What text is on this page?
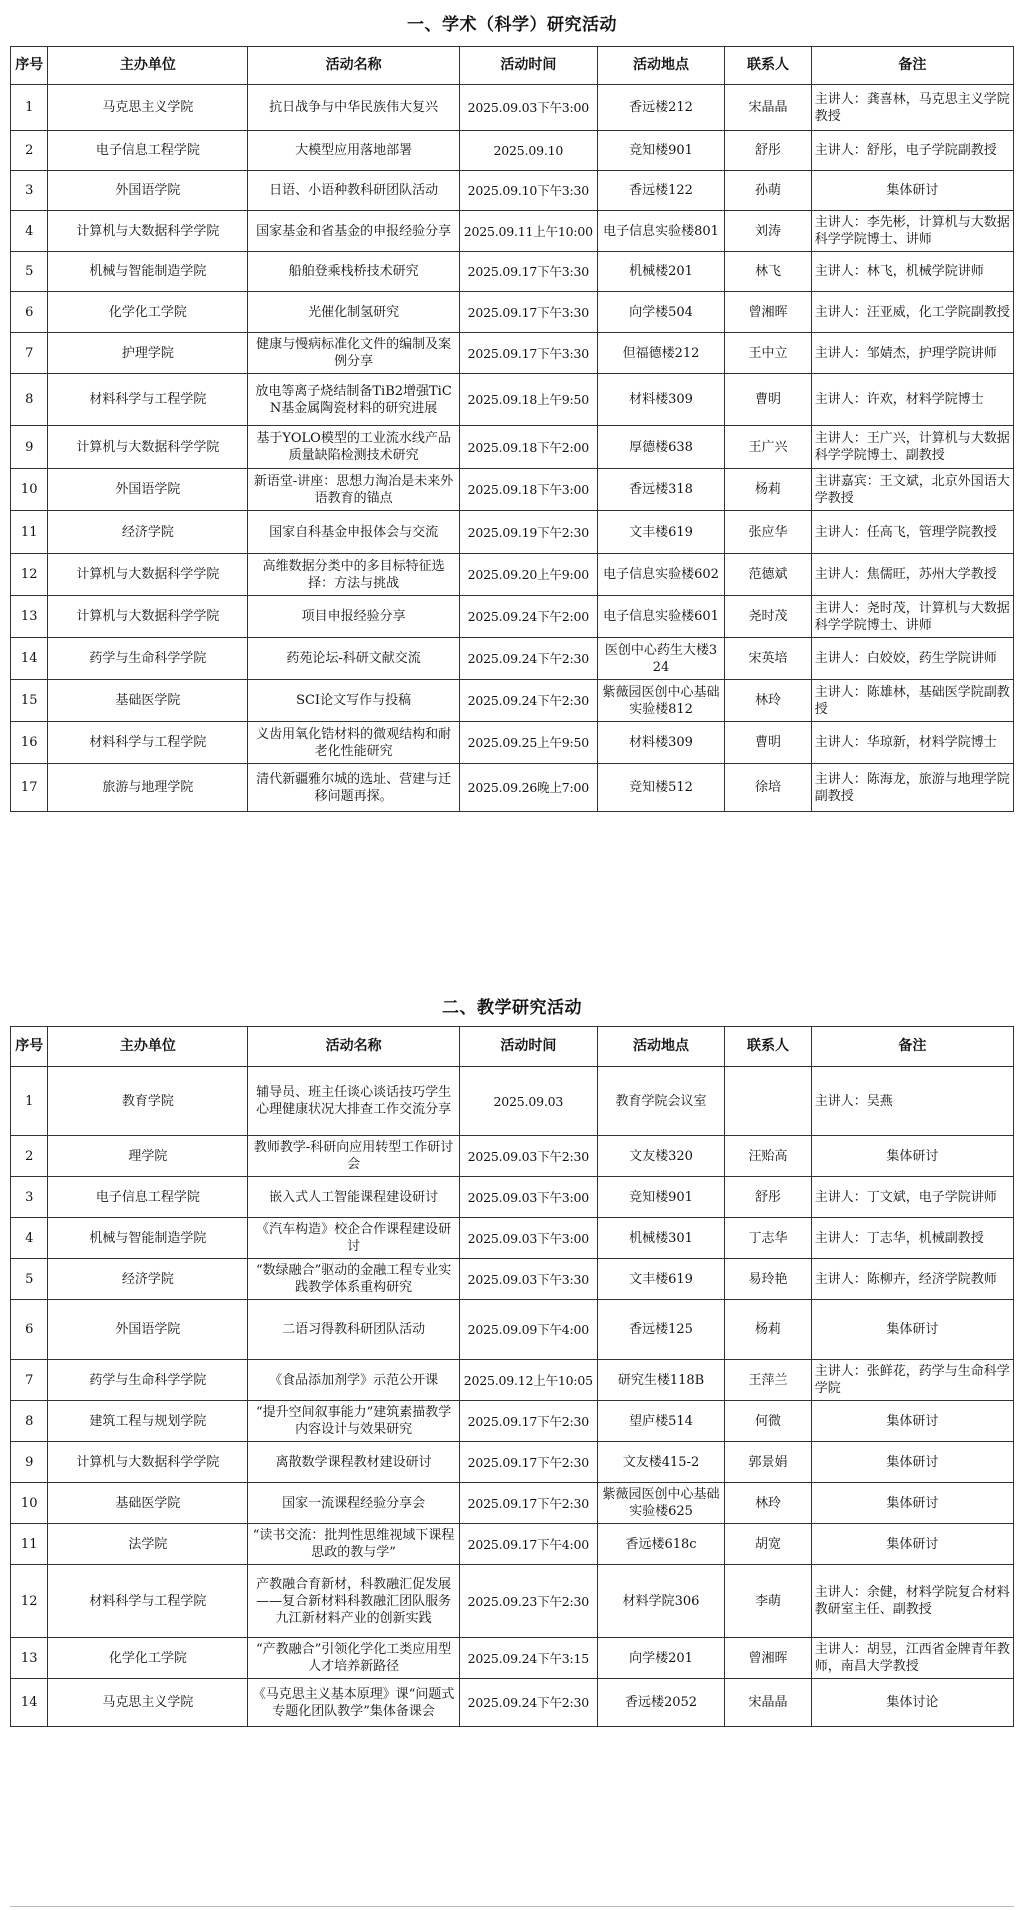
一、学术（科学）研究活动
序号	主办单位	活动名称	活动时间	活动地点	联系人	备注
1	马克思主义学院	抗日战争与中华民族伟大复兴	2025.09.03下午3:00	香远楼212	宋晶晶	主讲人：龚喜林，马克思主义学院教授
2	电子信息工程学院	大模型应用落地部署	2025.09.10	竞知楼901	舒彤	主讲人：舒彤，电子学院副教授
3	外国语学院	日语、小语种教科研团队活动	2025.09.10下午3:30	香远楼122	孙萌	集体研讨
4	计算机与大数据科学学院	国家基金和省基金的申报经验分享	2025.09.11上午10:00	电子信息实验楼801	刘涛	主讲人：李先彬，计算机与大数据科学学院博士、讲师
5	机械与智能制造学院	船舶登乘栈桥技术研究	2025.09.17下午3:30	机械楼201	林飞	主讲人：林飞，机械学院讲师
6	化学化工学院	光催化制氢研究	2025.09.17下午3:30	向学楼504	曾湘晖	主讲人：汪亚威，化工学院副教授
7	护理学院	健康与慢病标准化文件的编制及案例分享	2025.09.17下午3:30	但福德楼212	王中立	主讲人：邹婧杰，护理学院讲师
8	材料科学与工程学院	放电等离子烧结制备TiB2增强TiCN基金属陶瓷材料的研究进展	2025.09.18上午9:50	材料楼309	曹明	主讲人：许欢，材料学院博士
9	计算机与大数据科学学院	基于YOLO模型的工业流水线产品质量缺陷检测技术研究	2025.09.18下午2:00	厚德楼638	王广兴	主讲人：王广兴，计算机与大数据科学学院博士、副教授
10	外国语学院	新语堂-讲座：思想力淘冶是未来外语教育的锚点	2025.09.18下午3:00	香远楼318	杨莉	主讲嘉宾：王文斌，北京外国语大学教授
11	经济学院	国家自科基金申报体会与交流	2025.09.19下午2:30	文丰楼619	张应华	主讲人：任高飞，管理学院教授
12	计算机与大数据科学学院	高维数据分类中的多目标特征选择：方法与挑战	2025.09.20上午9:00	电子信息实验楼602	范德斌	主讲人：焦儒旺，苏州大学教授
13	计算机与大数据科学学院	项目申报经验分享	2025.09.24下午2:00	电子信息实验楼601	尧时茂	主讲人：尧时茂，计算机与大数据科学学院博士、讲师
14	药学与生命科学学院	药苑论坛-科研文献交流	2025.09.24下午2:30	医创中心药生大楼324	宋英培	主讲人：白姣姣，药生学院讲师
15	基础医学院	SCI论文写作与投稿	2025.09.24下午2:30	紫薇园医创中心基础实验楼812	林玲	主讲人：陈雄林，基础医学院副教授
16	材料科学与工程学院	义齿用氧化锆材料的微观结构和耐老化性能研究	2025.09.25上午9:50	材料楼309	曹明	主讲人：华琼新，材料学院博士
17	旅游与地理学院	清代新疆雅尔城的选址、营建与迁移问题再探。	2025.09.26晚上7:00	竞知楼512	徐培	主讲人：陈海龙，旅游与地理学院副教授
二、教学研究活动
序号	主办单位	活动名称	活动时间	活动地点	联系人	备注
1	教育学院	辅导员、班主任谈心谈话技巧学生心理健康状况大排查工作交流分享	2025.09.03	教育学院会议室		主讲人：吴燕
2	理学院	教师教学-科研向应用转型工作研讨会	2025.09.03下午2:30	文友楼320	汪贻高	集体研讨
3	电子信息工程学院	嵌入式人工智能课程建设研讨	2025.09.03下午3:00	竞知楼901	舒彤	主讲人：丁文斌，电子学院讲师
4	机械与智能制造学院	《汽车构造》校企合作课程建设研讨	2025.09.03下午3:00	机械楼301	丁志华	主讲人：丁志华，机械副教授
5	经济学院	“数绿融合”驱动的金融工程专业实践教学体系重构研究	2025.09.03下午3:30	文丰楼619	易玲艳	主讲人：陈柳卉，经济学院教师
6	外国语学院	二语习得教科研团队活动	2025.09.09下午4:00	香远楼125	杨莉	集体研讨
7	药学与生命科学学院	《食品添加剂学》示范公开课	2025.09.12上午10:05	研究生楼118B	王萍兰	主讲人：张鲜花，药学与生命科学学院
8	建筑工程与规划学院	“提升空间叙事能力”建筑素描教学内容设计与效果研究	2025.09.17下午2:30	望庐楼514	何微	集体研讨
9	计算机与大数据科学学院	离散数学课程教材建设研讨	2025.09.17下午2:30	文友楼415-2	郭景娟	集体研讨
10	基础医学院	国家一流课程经验分享会	2025.09.17下午2:30	紫薇园医创中心基础实验楼625	林玲	集体研讨
11	法学院	“读书交流：批判性思维视域下课程思政的教与学”	2025.09.17下午4:00	香远楼618c	胡宽	集体研讨
12	材料科学与工程学院	产教融合育新材，科教融汇促发展
——复合新材料科教融汇团队服务九江新材料产业的创新实践	2025.09.23下午2:30	材料学院306	李萌	主讲人：余健，材料学院复合材料教研室主任、副教授
13	化学化工学院	“产教融合”引领化学化工类应用型人才培养新路径	2025.09.24下午3:15	向学楼201	曾湘晖	主讲人：胡昱，江西省金牌青年教师，南昌大学教授
14	马克思主义学院	《马克思主义基本原理》课“问题式专题化团队教学”集体备课会	2025.09.24下午2:30	香远楼2052	宋晶晶	集体讨论
